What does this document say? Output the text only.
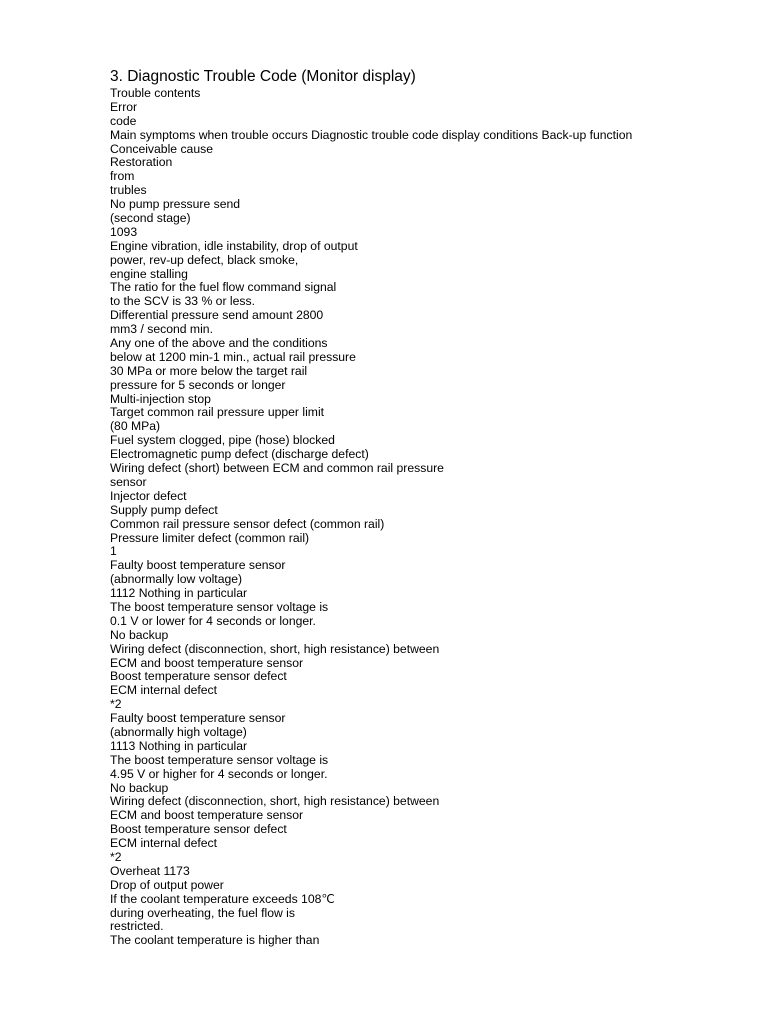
3. Diagnostic Trouble Code (Monitor display)
Trouble contents
Error
code
Main symptoms when trouble occurs Diagnostic trouble code display conditions Back-up function
Conceivable cause
Restoration
from
trubles
No pump pressure send
(second stage)
1093
Engine vibration, idle instability, drop of output
power, rev-up defect, black smoke,
engine stalling
The ratio for the fuel flow command signal
to the SCV is 33 % or less.
Differential pressure send amount 2800
mm3 / second min.
Any one of the above and the conditions
below at 1200 min-1 min., actual rail pressure
30 MPa or more below the target rail
pressure for 5 seconds or longer
Multi-injection stop
Target common rail pressure upper limit
(80 MPa)
Fuel system clogged, pipe (hose) blocked
Electromagnetic pump defect (discharge defect)
Wiring defect (short) between ECM and common rail pressure
sensor
Injector defect
Supply pump defect
Common rail pressure sensor defect (common rail)
Pressure limiter defect (common rail)
1
Faulty boost temperature sensor
(abnormally low voltage)
1112 Nothing in particular
The boost temperature sensor voltage is
0.1 V or lower for 4 seconds or longer.
No backup
Wiring defect (disconnection, short, high resistance) between
ECM and boost temperature sensor
Boost temperature sensor defect
ECM internal defect
*2
Faulty boost temperature sensor
(abnormally high voltage)
1113 Nothing in particular
The boost temperature sensor voltage is
4.95 V or higher for 4 seconds or longer.
No backup
Wiring defect (disconnection, short, high resistance) between
ECM and boost temperature sensor
Boost temperature sensor defect
ECM internal defect
*2
Overheat 1173
Drop of output power
If the coolant temperature exceeds 108℃
during overheating, the fuel flow is
restricted.
The coolant temperature is higher than
